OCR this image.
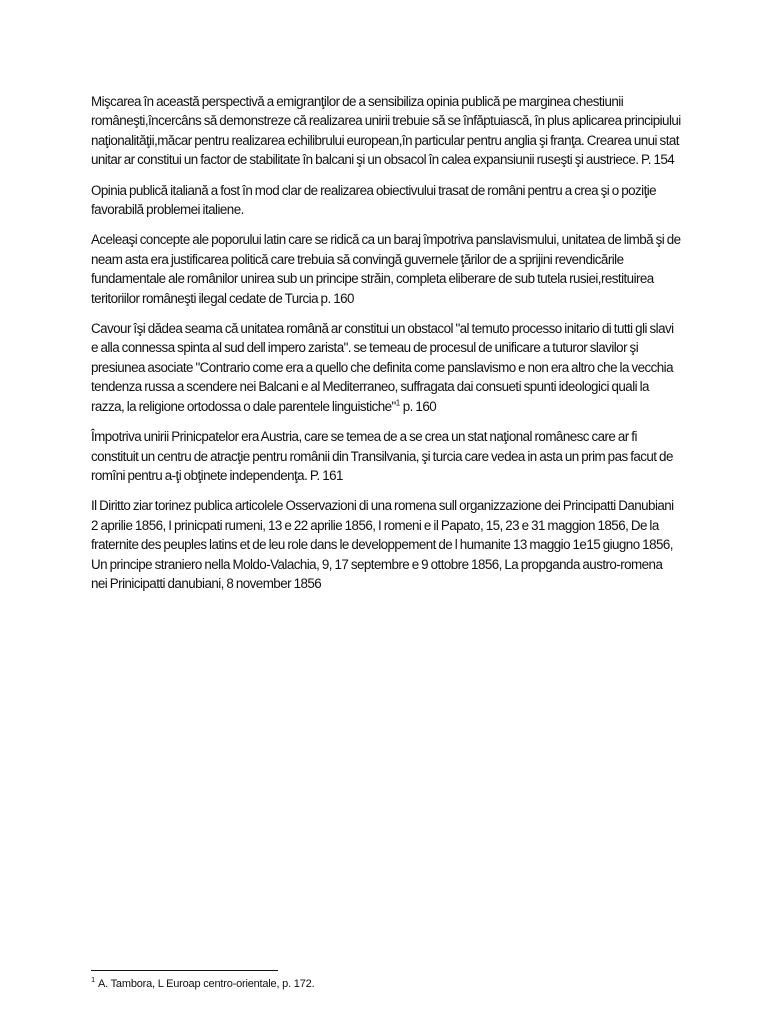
Mişcarea în această perspectivă a emigranţilor de a sensibiliza opinia publică pe marginea chestiunii româneşti,încercâns să demonstreze că realizarea unirii trebuie să se înfăptuiască, în plus aplicarea principiului naţionalităţii,măcar pentru realizarea echilibrului european,în particular pentru anglia şi franţa. Crearea unui stat unitar ar constitui un factor de stabilitate în balcani şi un obsacol în calea expansiunii ruseşti şi austriece. P. 154

Opinia publică italiană a fost în mod clar de realizarea obiectivului trasat de români pentru a crea şi o poziţie favorabilă problemei italiene.

Aceleaşi concepte ale poporului latin care se ridică ca un baraj împotriva panslavismului, unitatea de limbă şi de neam asta era justificarea politică care trebuia să convingă guvernele ţărilor de a sprijini revendicările fundamentale ale românilor unirea sub un principe străin, completa eliberare de sub tutela rusiei,restituirea teritoriilor româneşti ilegal cedate de Turcia p. 160

Cavour îşi dădea seama că unitatea română ar constitui un obstacol "al temuto processo initario di tutti gli slavi e alla connessa spinta al sud dell impero zarista". se temeau de procesul de unificare a tuturor slavilor şi presiunea asociate "Contrario come era a quello che definita come panslavismo e non era altro che la vecchia tendenza russa a scendere nei Balcani e al Mediterraneo, suffragata dai consueti spunti ideologici quali la razza, la religione ortodossa o dale parentele linguistiche"$^1$ p. 160

Împotriva unirii Prinicpatelor era Austria, care se temea de a se crea un stat naţional românesc care ar fi constituit un centru de atracţie pentru românii din Transilvania, şi turcia care vedea in asta un prim pas facut de romîni pentru a-ţi obţinete independenţa. P. 161

Il Diritto ziar torinez publica articolele Osservazioni di una romena sull organizzazione dei Principatti Danubiani 2 aprilie 1856, I prinicpati rumeni, 13 e 22 aprilie 1856, I romeni e il Papato, 15, 23 e 31 maggion 1856, De la fraternite des peuples latins et de leu role dans le developpement de l humanite 13 maggio 1e15 giugno 1856, Un principe straniero nella Moldo-Valachia, 9, 17 septembre e 9 ottobre 1856, La propganda austro-romena nei Prinicipatti danubiani, 8 november 1856

$^1$ A. Tambora, L Euroap centro-orientale, p. 172.
